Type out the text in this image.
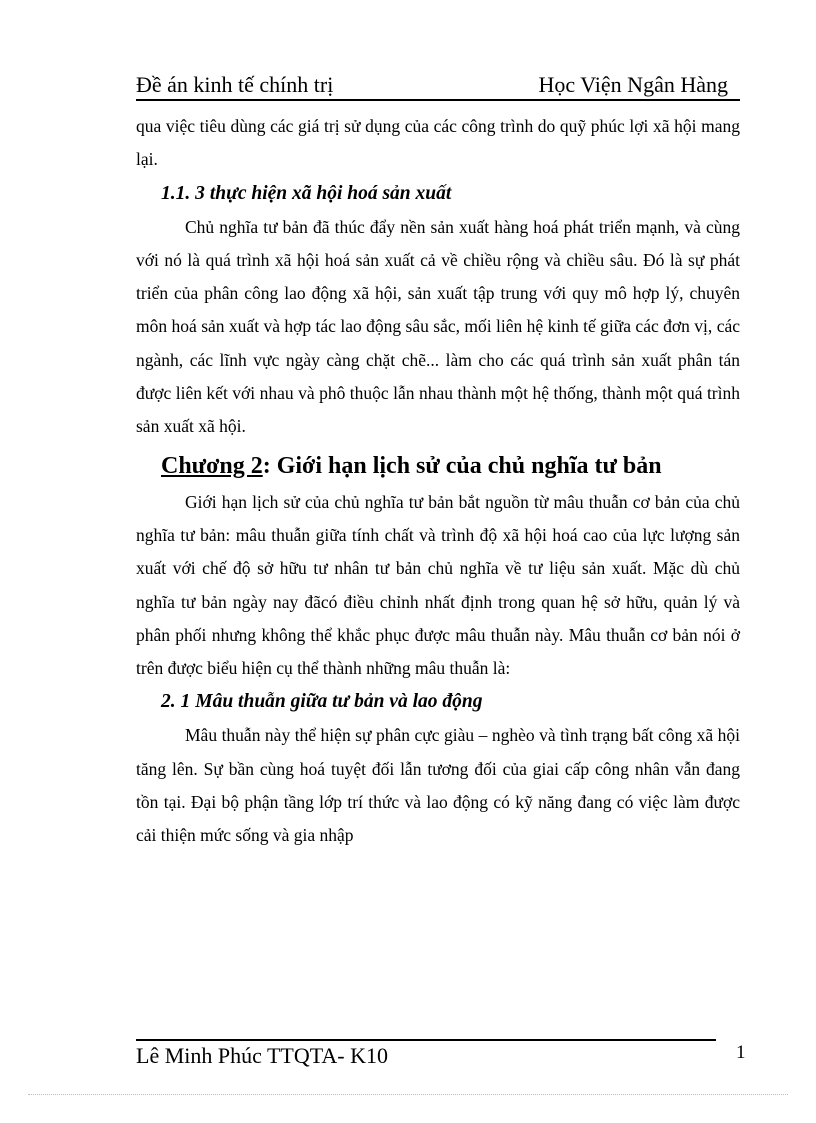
Đề án kinh tế chính trị	Học Viện Ngân Hàng

qua việc tiêu dùng các giá trị sử dụng của các công trình do quỹ phúc lợi xã hội mang lại.

1.1. 3 thực hiện xã hội hoá sản xuất

Chủ nghĩa tư bản đã thúc đẩy nền sản xuất hàng hoá phát triển mạnh, và cùng với nó là quá trình xã hội hoá sản xuất cả về chiều rộng và chiều sâu. Đó là sự phát triển của phân công lao động xã hội, sản xuất tập trung với quy mô hợp lý, chuyên môn hoá sản xuất và hợp tác lao động sâu sắc, mối liên hệ kinh tế giữa các đơn vị, các ngành, các lĩnh vực ngày càng chặt chẽ... làm cho các quá trình sản xuất phân tán được liên kết với nhau và phô thuộc lẫn nhau thành một hệ thống, thành một quá trình sản xuất xã hội.

Chương 2: Giới hạn lịch sử của chủ nghĩa tư bản

Giới hạn lịch sử của chủ nghĩa tư bản bắt nguồn từ mâu thuẫn cơ bản của chủ nghĩa tư bản: mâu thuẫn giữa tính chất và trình độ xã hội hoá cao của lực lượng sản xuất với chế độ sở hữu tư nhân tư bản chủ nghĩa về tư liệu sản xuất. Mặc dù chủ nghĩa tư bản ngày nay đãcó điều chỉnh nhất định trong quan hệ sở hữu, quản lý và phân phối nhưng không thể khắc phục được mâu thuẫn này. Mâu thuẫn cơ bản nói ở trên được biểu hiện cụ thể thành những mâu thuẫn là:

2. 1 Mâu thuẫn giữa tư bản và lao động

Mâu thuẫn này thể hiện sự phân cực giàu – nghèo và tình trạng bất công xã hội tăng lên. Sự bần cùng hoá tuyệt đối lẫn tương đối của giai cấp công nhân vẫn đang tồn tại. Đại bộ phận tầng lớp trí thức và lao động có kỹ năng đang có việc làm được cải thiện mức sống và gia nhập

Lê Minh Phúc TTQTA- K10	1
